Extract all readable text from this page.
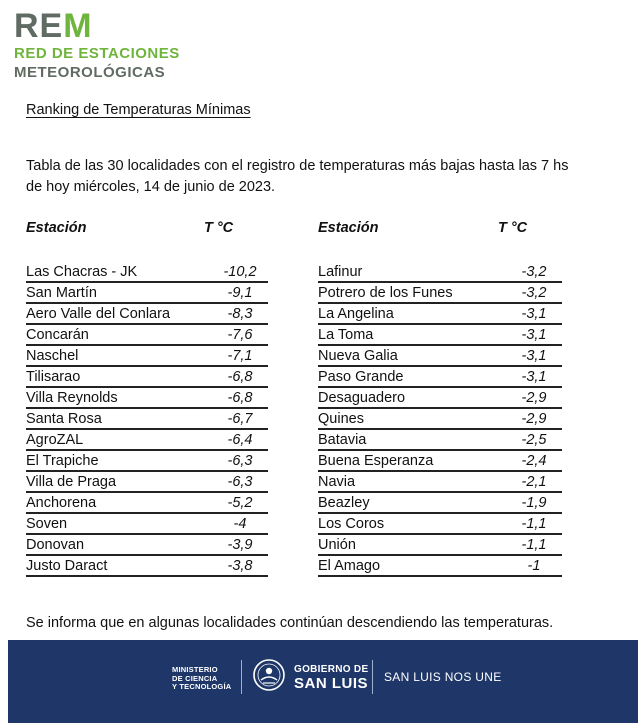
REM
RED DE ESTACIONES
METEOROLÓGICAS
Ranking de Temperaturas Mínimas
Tabla de las 30 localidades con el registro de temperaturas más bajas hasta las 7 hs de hoy miércoles, 14 de junio de 2023.
Estación	T °C
Las Chacras - JK	-10,2
San Martín	-9,1
Aero Valle del Conlara	-8,3
Concarán	-7,6
Naschel	-7,1
Tilisarao	-6,8
Villa Reynolds	-6,8
Santa Rosa	-6,7
AgroZAL	-6,4
El Trapiche	-6,3
Villa de Praga	-6,3
Anchorena	-5,2
Soven	-4
Donovan	-3,9
Justo Daract	-3,8
Estación	T °C
Lafinur	-3,2
Potrero de los Funes	-3,2
La Angelina	-3,1
La Toma	-3,1
Nueva Galia	-3,1
Paso Grande	-3,1
Desaguadero	-2,9
Quines	-2,9
Batavia	-2,5
Buena Esperanza	-2,4
Navia	-2,1
Beazley	-1,9
Los Coros	-1,1
Unión	-1,1
El Amago	-1
Se informa que en algunas localidades continúan descendiendo las temperaturas.
MINISTERIO
DE CIENCIA
Y TECNOLOGÍA
GOBIERNO DE
SAN LUIS SAN LUIS NOS UNE
